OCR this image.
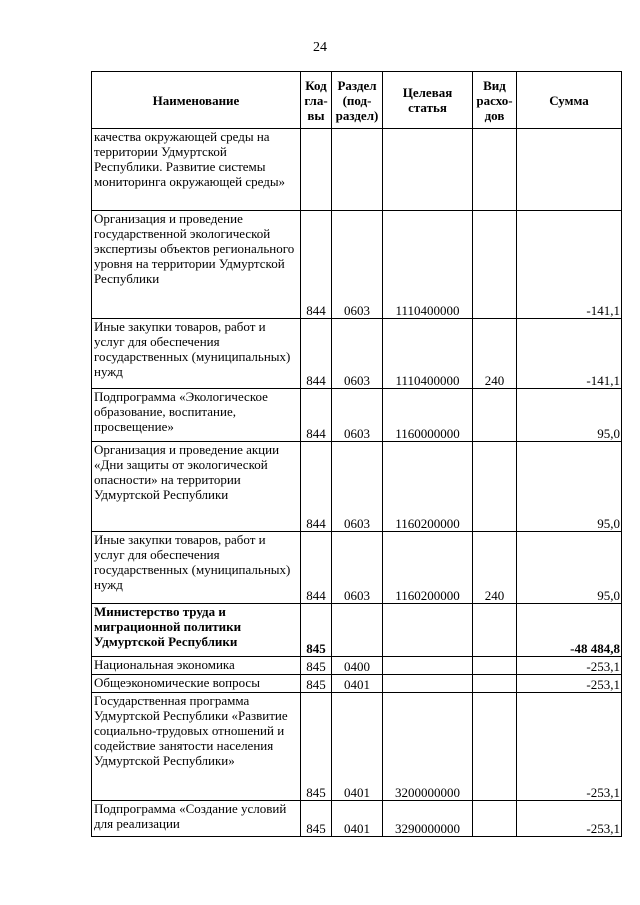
24
Наименование	Код гла-вы	Раздел (под-раздел)	Целевая статья	Вид расхо-дов	Сумма
качества окружающей среды на территории Удмуртской Республики. Развитие системы мониторинга окружающей среды»					
Организация и проведение государственной экологической экспертизы объектов регионального уровня на территории Удмуртской Республики	844	0603	1110400000		-141,1
Иные закупки товаров, работ и услуг для обеспечения государственных (муниципальных) нужд	844	0603	1110400000	240	-141,1
Подпрограмма «Экологическое образование, воспитание, просвещение»	844	0603	1160000000		95,0
Организация и проведение акции «Дни защиты от экологической опасности» на территории Удмуртской Республики	844	0603	1160200000		95,0
Иные закупки товаров, работ и услуг для обеспечения государственных (муниципальных) нужд	844	0603	1160200000	240	95,0
Министерство труда и миграционной политики Удмуртской Республики	845				-48 484,8
Национальная экономика	845	0400			-253,1
Общеэкономические вопросы	845	0401			-253,1
Государственная программа Удмуртской Республики «Развитие социально-трудовых отношений и содействие занятости населения Удмуртской Республики»	845	0401	3200000000		-253,1
Подпрограмма «Создание условий для реализации	845	0401	3290000000		-253,1
